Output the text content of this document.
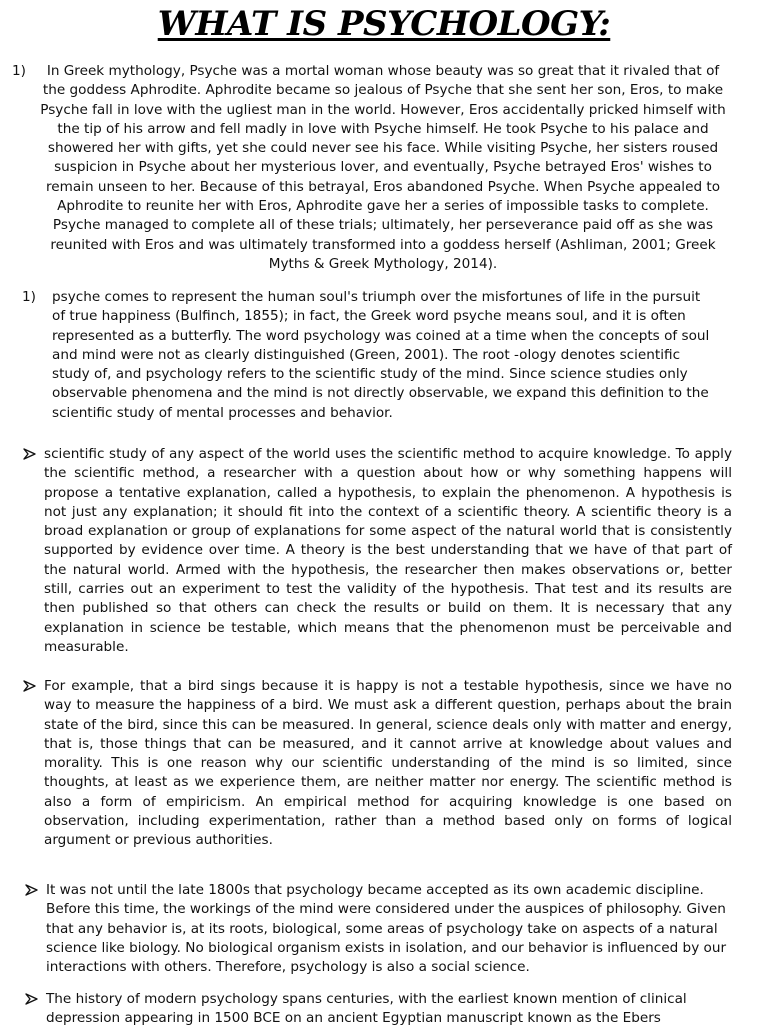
WHAT IS PSYCHOLOGY:
1)	In Greek mythology, Psyche was a mortal woman whose beauty was so great that it rivaled that of the goddess Aphrodite. Aphrodite became so jealous of Psyche that she sent her son, Eros, to make Psyche fall in love with the ugliest man in the world. However, Eros accidentally pricked himself with the tip of his arrow and fell madly in love with Psyche himself. He took Psyche to his palace and showered her with gifts, yet she could never see his face. While visiting Psyche, her sisters roused suspicion in Psyche about her mysterious lover, and eventually, Psyche betrayed Eros' wishes to remain unseen to her. Because of this betrayal, Eros abandoned Psyche. When Psyche appealed to Aphrodite to reunite her with Eros, Aphrodite gave her a series of impossible tasks to complete. Psyche managed to complete all of these trials; ultimately, her perseverance paid off as she was reunited with Eros and was ultimately transformed into a goddess herself (Ashliman, 2001; Greek Myths & Greek Mythology, 2014).

1) psyche comes to represent the human soul's triumph over the misfortunes of life in the pursuit of true happiness (Bulfinch, 1855); in fact, the Greek word psyche means soul, and it is often represented as a butterfly. The word psychology was coined at a time when the concepts of soul and mind were not as clearly distinguished (Green, 2001). The root -ology denotes scientific study of, and psychology refers to the scientific study of the mind. Since science studies only observable phenomena and the mind is not directly observable, we expand this definition to the scientific study of mental processes and behavior.

scientific study of any aspect of the world uses the scientific method to acquire knowledge. To apply the scientific method, a researcher with a question about how or why something happens will propose a tentative explanation, called a hypothesis, to explain the phenomenon. A hypothesis is not just any explanation; it should fit into the context of a scientific theory. A scientific theory is a broad explanation or group of explanations for some aspect of the natural world that is consistently supported by evidence over time. A theory is the best understanding that we have of that part of the natural world. Armed with the hypothesis, the researcher then makes observations or, better still, carries out an experiment to test the validity of the hypothesis. That test and its results are then published so that others can check the results or build on them. It is necessary that any explanation in science be testable, which means that the phenomenon must be perceivable and measurable.

For example, that a bird sings because it is happy is not a testable hypothesis, since we have no way to measure the happiness of a bird. We must ask a different question, perhaps about the brain state of the bird, since this can be measured. In general, science deals only with matter and energy, that is, those things that can be measured, and it cannot arrive at knowledge about values and morality. This is one reason why our scientific understanding of the mind is so limited, since thoughts, at least as we experience them, are neither matter nor energy. The scientific method is also a form of empiricism. An empirical method for acquiring knowledge is one based on observation, including experimentation, rather than a method based only on forms of logical argument or previous authorities.

It was not until the late 1800s that psychology became accepted as its own academic discipline. Before this time, the workings of the mind were considered under the auspices of philosophy. Given that any behavior is, at its roots, biological, some areas of psychology take on aspects of a natural science like biology. No biological organism exists in isolation, and our behavior is influenced by our interactions with others. Therefore, psychology is also a social science.

The history of modern psychology spans centuries, with the earliest known mention of clinical depression appearing in 1500 BCE on an ancient Egyptian manuscript known as the Ebers
